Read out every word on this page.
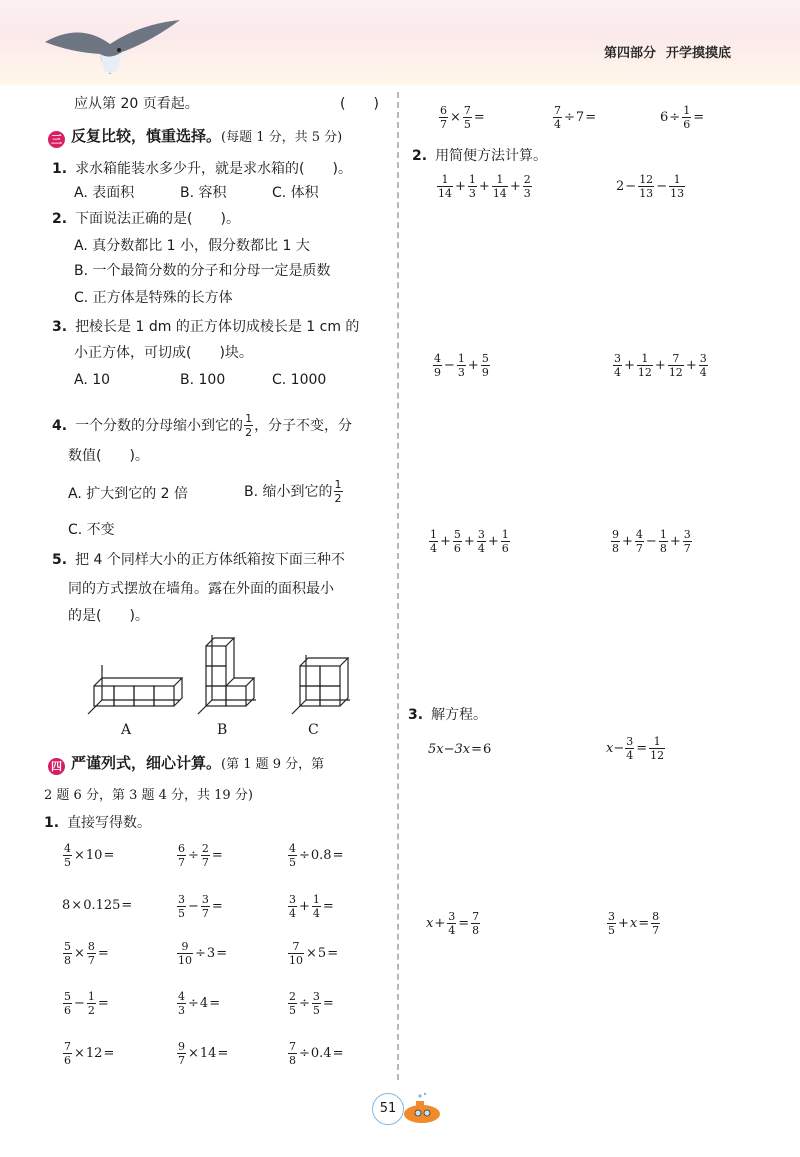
第四部分 开学摸摸底
应从第 20 页看起。	(　　)
三 反复比较，慎重选择。(每题 1 分，共 5 分)
1. 求水箱能装水多少升，就是求水箱的(　　)。
A. 表面积	B. 容积	C. 体积
2. 下面说法正确的是(　　)。
A. 真分数都比 1 小，假分数都比 1 大
B. 一个最简分数的分子和分母一定是质数
C. 正方体是特殊的长方体
3. 把棱长是 1 dm 的正方体切成棱长是 1 cm 的
小正方体，可切成(　　)块。
A. 10	B. 100	C. 1000
4. 一个分数的分母缩小到它的 $\frac{1}{2}$ ，分子不变，分
数值(　　)。
A. 扩大到它的 2 倍	B. 缩小到它的 $\frac{1}{2}$
C. 不变
5. 把 4 个同样大小的正方体纸箱按下面三种不
同的方式摆放在墙角。露在外面的面积最小
的是(　　)。
A	B	C
四 严谨列式，细心计算。(第 1 题 9 分，第
2 题 6 分，第 3 题 4 分，共 19 分)
1. 直接写得数。
$\frac{4}{5} \times 10$ =	$\frac{6}{7} \div \frac{2}{7}$ =	$\frac{4}{5} \div 0.8$ =
8 × 0.125 =	$\frac{3}{5} - \frac{3}{7}$ =	$\frac{3}{4} + \frac{1}{4}$ =
$\frac{5}{8} \times \frac{8}{7}$ =	$\frac{9}{10} \div 3$ =	$\frac{7}{10} \times 5$ =
$\frac{5}{6} - \frac{1}{2}$ =	$\frac{4}{3} \div 4$ =	$\frac{2}{5} \div \frac{3}{5}$ =
$\frac{7}{6} \times 12$ =	$\frac{9}{7} \times 14$ =	$\frac{7}{8} \div 0.4$ =
$\frac{6}{7} \times \frac{7}{5}$ =	$\frac{7}{4} \div 7$ =	$6 \div \frac{1}{6}$ =
2. 用简便方法计算。
$\frac{1}{14} + \frac{1}{3} + \frac{1}{14} + \frac{2}{3}$	$2 - \frac{12}{13} - \frac{1}{13}$
$\frac{4}{9} - \frac{1}{3} + \frac{5}{9}$	$\frac{3}{4} + \frac{1}{12} + \frac{7}{12} + \frac{3}{4}$
$\frac{1}{4} + \frac{5}{6} + \frac{3}{4} + \frac{1}{6}$	$\frac{9}{8} + \frac{4}{7} - \frac{1}{8} + \frac{3}{7}$
3. 解方程。
5x−3x = 6	$x- \frac{3}{4} = \frac{1}{12}$
$x + \frac{3}{4} = \frac{7}{8}$	$\frac{3}{5} + x = \frac{8}{7}$
51
